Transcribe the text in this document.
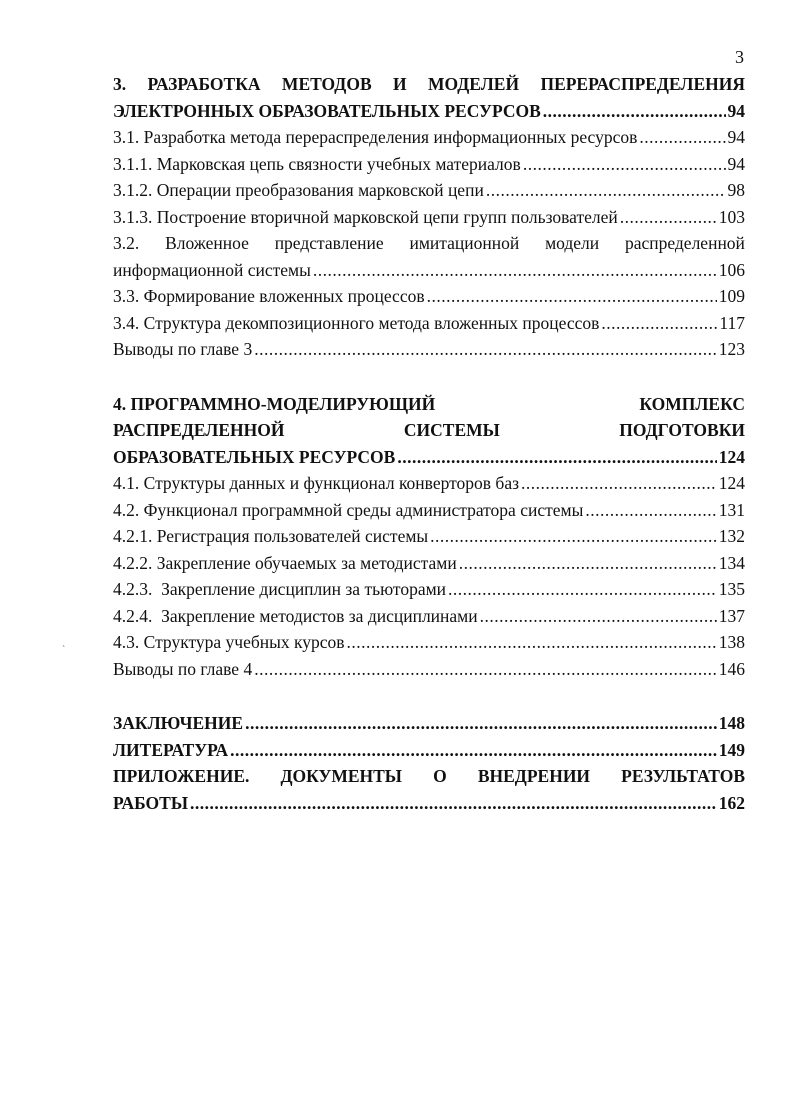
3
`
3. РАЗРАБОТКА МЕТОДОВ И МОДЕЛЕЙ ПЕРЕРАСПРЕДЕЛЕНИЯ
ЭЛЕКТРОННЫХ ОБРАЗОВАТЕЛЬНЫХ РЕСУРСОВ .....	94
3.1. Разработка метода перераспределения информационных ресурсов .....	94
3.1.1. Марковская цепь связности учебных материалов .....	94
3.1.2. Операции преобразования марковской цепи .....	98
3.1.3. Построение вторичной марковской цепи групп пользователей .....	103
3.2. Вложенное представление имитационной модели распределенной
информационной системы .....	106
3.3. Формирование вложенных процессов .....	109
3.4. Структура декомпозиционного метода вложенных процессов .....	117
Выводы по главе 3 .....	123
4. ПРОГРАММНО-МОДЕЛИРУЮЩИЙ	КОМПЛЕКС
РАСПРЕДЕЛЕННОЙ	СИСТЕМЫ	ПОДГОТОВКИ
ОБРАЗОВАТЕЛЬНЫХ РЕСУРСОВ .....	124
4.1. Структуры данных и функционал конверторов баз .....	124
4.2. Функционал программной среды администратора системы .....	131
4.2.1. Регистрация пользователей системы .....	132
4.2.2. Закрепление обучаемых за методистами .....	134
4.2.3.  Закрепление дисциплин за тьюторами .....	135
4.2.4.  Закрепление методистов за дисциплинами .....	137
4.3. Структура учебных курсов .....	138
Выводы по главе 4 .....	146
ЗАКЛЮЧЕНИЕ .....	148
ЛИТЕРАТУРА .....	149
ПРИЛОЖЕНИЕ. ДОКУМЕНТЫ О ВНЕДРЕНИИ РЕЗУЛЬТАТОВ
РАБОТЫ .....	162
